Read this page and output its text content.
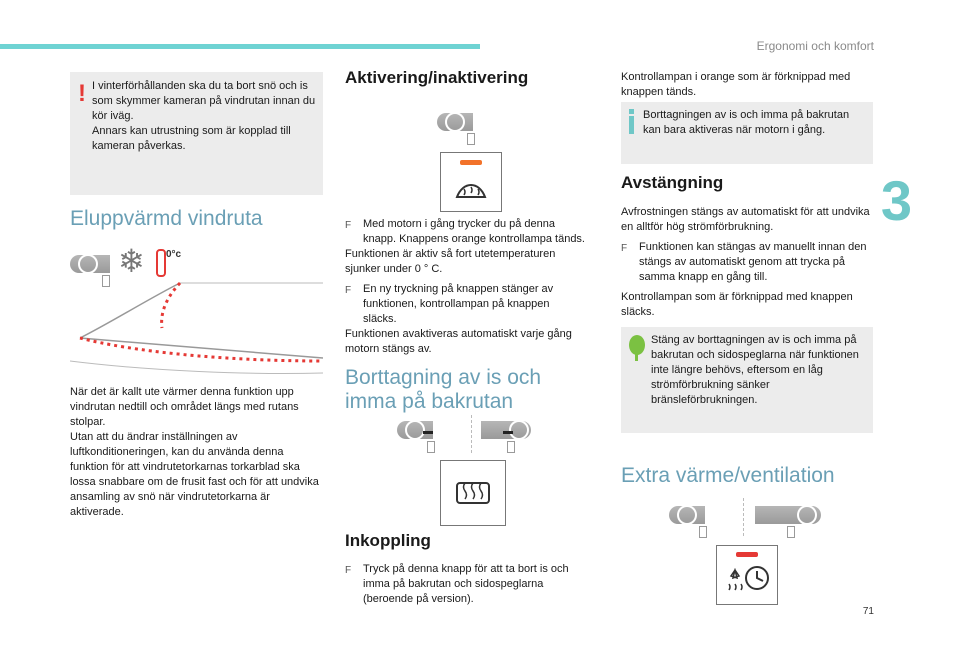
Ergonomi och komfort
3
71
! I vinterförhållanden ska du ta bort snö och is som skymmer kameran på vindrutan innan du kör iväg.
Annars kan utrustning som är kopplad till kameran påverkas.
Eluppvärmd vindruta
❄ 0°c
När det är kallt ute värmer denna funktion upp vindrutan nedtill och området längs med rutans stolpar.
Utan att du ändrar inställningen av luftkonditioneringen, kan du använda denna funktion för att vindrutetorkarnas torkarblad ska lossa snabbare om de frusit fast och för att undvika ansamling av snö när vindrutetorkarna är aktiverade.
Aktivering/inaktivering
F Med motorn i gång trycker du på denna knapp. Knappens orange kontrollampa tänds.
Funktionen är aktiv så fort utetemperaturen sjunker under 0 ° C.
F En ny tryckning på knappen stänger av funktionen, kontrollampan på knappen släcks.
Funktionen avaktiveras automatiskt varje gång motorn stängs av.
Borttagning av is och imma på bakrutan
Inkoppling
F Tryck på denna knapp för att ta bort is och imma på bakrutan och sidospeglarna (beroende på version).
Kontrollampan i orange som är förknippad med knappen tänds.
Borttagningen av is och imma på bakrutan kan bara aktiveras när motorn i gång.
Avstängning
Avfrostningen stängs av automatiskt för att undvika en alltför hög strömförbrukning.
F Funktionen kan stängas av manuellt innan den stängs av automatiskt genom att trycka på samma knapp en gång till.
Kontrollampan som är förknippad med knappen släcks.
Stäng av borttagningen av is och imma på bakrutan och sidospeglarna när funktionen inte längre behövs, eftersom en låg strömförbrukning sänker bränsleförbrukningen.
Extra värme/ventilation
